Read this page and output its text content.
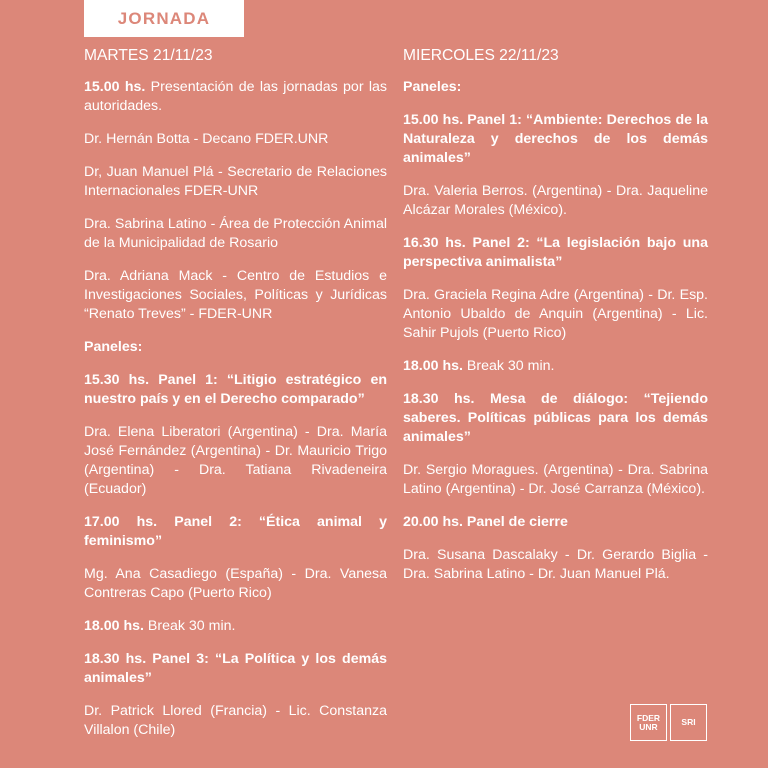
JORNADA
MARTES 21/11/23

15.00 hs. Presentación de las jornadas por las autoridades.

Dr. Hernán Botta - Decano FDER.UNR

Dr, Juan Manuel Plá - Secretario de Relaciones Internacionales FDER-UNR

Dra. Sabrina Latino - Área de Protección Animal de la Municipalidad de Rosario

Dra. Adriana Mack - Centro de Estudios e Investigaciones Sociales, Políticas y Jurídicas “Renato Treves” - FDER-UNR

Paneles:

15.30 hs. Panel 1: “Litigio estratégico en nuestro país y en el Derecho comparado”

Dra. Elena Liberatori (Argentina) - Dra. María José Fernández (Argentina) - Dr. Mauricio Trigo (Argentina) - Dra. Tatiana Rivadeneira (Ecuador)

17.00 hs. Panel 2: “Ética animal y feminismo”

Mg. Ana Casadiego (España) - Dra. Vanesa Contreras Capo (Puerto Rico)

18.00 hs. Break 30 min.

18.30 hs. Panel 3: “La Política y los demás animales”

Dr. Patrick Llored (Francia) - Lic. Constanza Villalon (Chile)

MIERCOLES 22/11/23

Paneles:

15.00 hs. Panel 1: “Ambiente: Derechos de la Naturaleza y derechos de los demás animales”

Dra. Valeria Berros. (Argentina) - Dra. Jaqueline Alcázar Morales (México).

16.30 hs. Panel 2: “La legislación bajo una perspectiva animalista”

Dra. Graciela Regina Adre (Argentina) - Dr. Esp. Antonio Ubaldo de Anquin (Argentina) - Lic. Sahir Pujols (Puerto Rico)

18.00 hs. Break 30 min.

18.30 hs. Mesa de diálogo: “Tejiendo saberes. Políticas públicas para los demás animales”

Dr. Sergio Moragues. (Argentina) - Dra. Sabrina Latino (Argentina) - Dr. José Carranza (México).

20.00 hs. Panel de cierre

Dra. Susana Dascalaky - Dr. Gerardo Biglia - Dra. Sabrina Latino - Dr. Juan Manuel Plá.

FDER UNR	SRI
